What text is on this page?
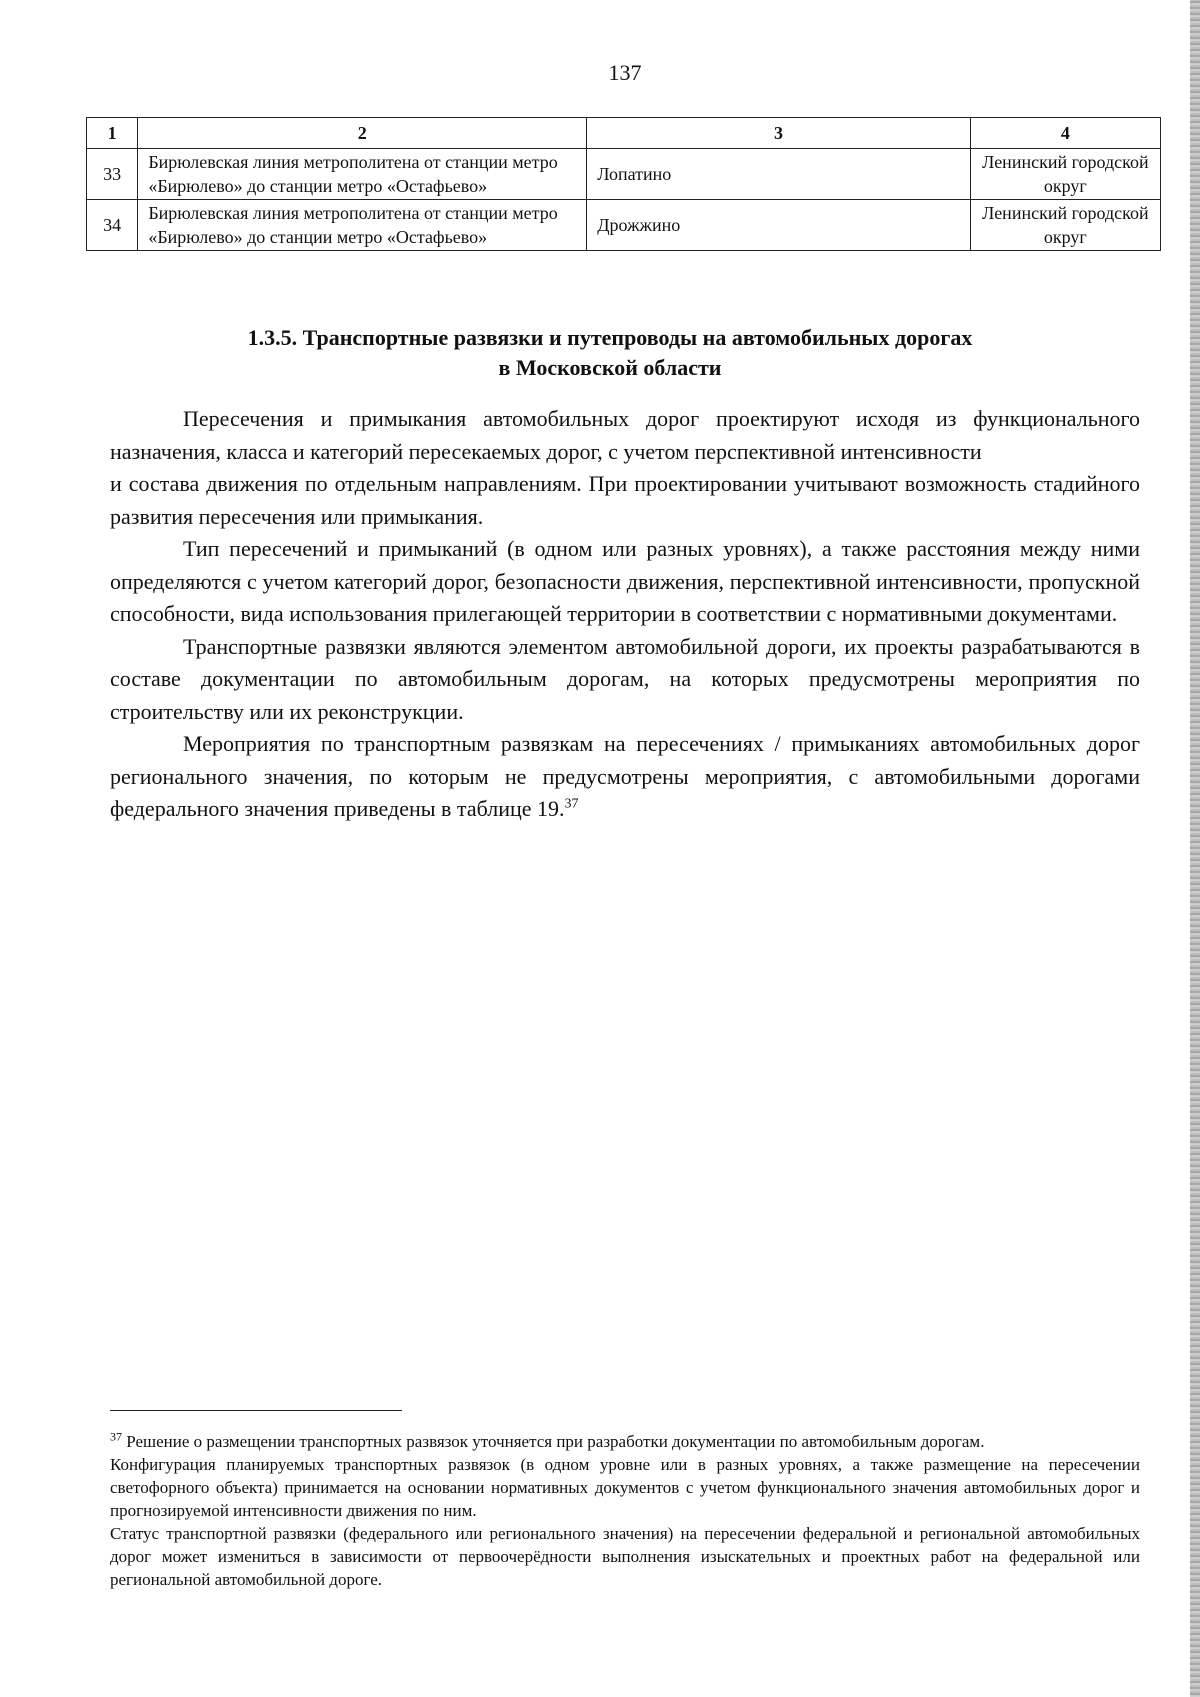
137
1	2	3	4
33	Бирюлевская линия метрополитена от станции метро «Бирюлево» до станции метро «Остафьево»	Лопатино	Ленинский городской округ
34	Бирюлевская линия метрополитена от станции метро «Бирюлево» до станции метро «Остафьево»	Дрожжино	Ленинский городской округ
1.3.5. Транспортные развязки и путепроводы на автомобильных дорогах
в Московской области

Пересечения и примыкания автомобильных дорог проектируют исходя из функционального назначения, класса и категорий пересекаемых дорог, с учетом перспективной интенсивности

и состава движения по отдельным направлениям. При проектировании учитывают возможность стадийного развития пересечения или примыкания.

Тип пересечений и примыканий (в одном или разных уровнях), а также расстояния между ними определяются с учетом категорий дорог, безопасности движения, перспективной интенсивности, пропускной способности, вида использования прилегающей территории в соответствии с нормативными документами.

Транспортные развязки являются элементом автомобильной дороги, их проекты разрабатываются в составе документации по автомобильным дорогам, на которых предусмотрены мероприятия по строительству или их реконструкции.

Мероприятия по транспортным развязкам на пересечениях / примыканиях автомобильных дорог регионального значения, по которым не предусмотрены мероприятия, с автомобильными дорогами федерального значения приведены в таблице 19.37

$^{37}$ Решение о размещении транспортных развязок уточняется при разработки документации по автомобильным дорогам.

Конфигурация планируемых транспортных развязок (в одном уровне или в разных уровнях, а также размещение на пересечении светофорного объекта) принимается на основании нормативных документов с учетом функционального значения автомобильных дорог и прогнозируемой интенсивности движения по ним.

Статус транспортной развязки (федерального или регионального значения) на пересечении федеральной и региональной автомобильных дорог может измениться в зависимости от первоочерёдности выполнения изыскательных и проектных работ на федеральной или региональной автомобильной дороге.
